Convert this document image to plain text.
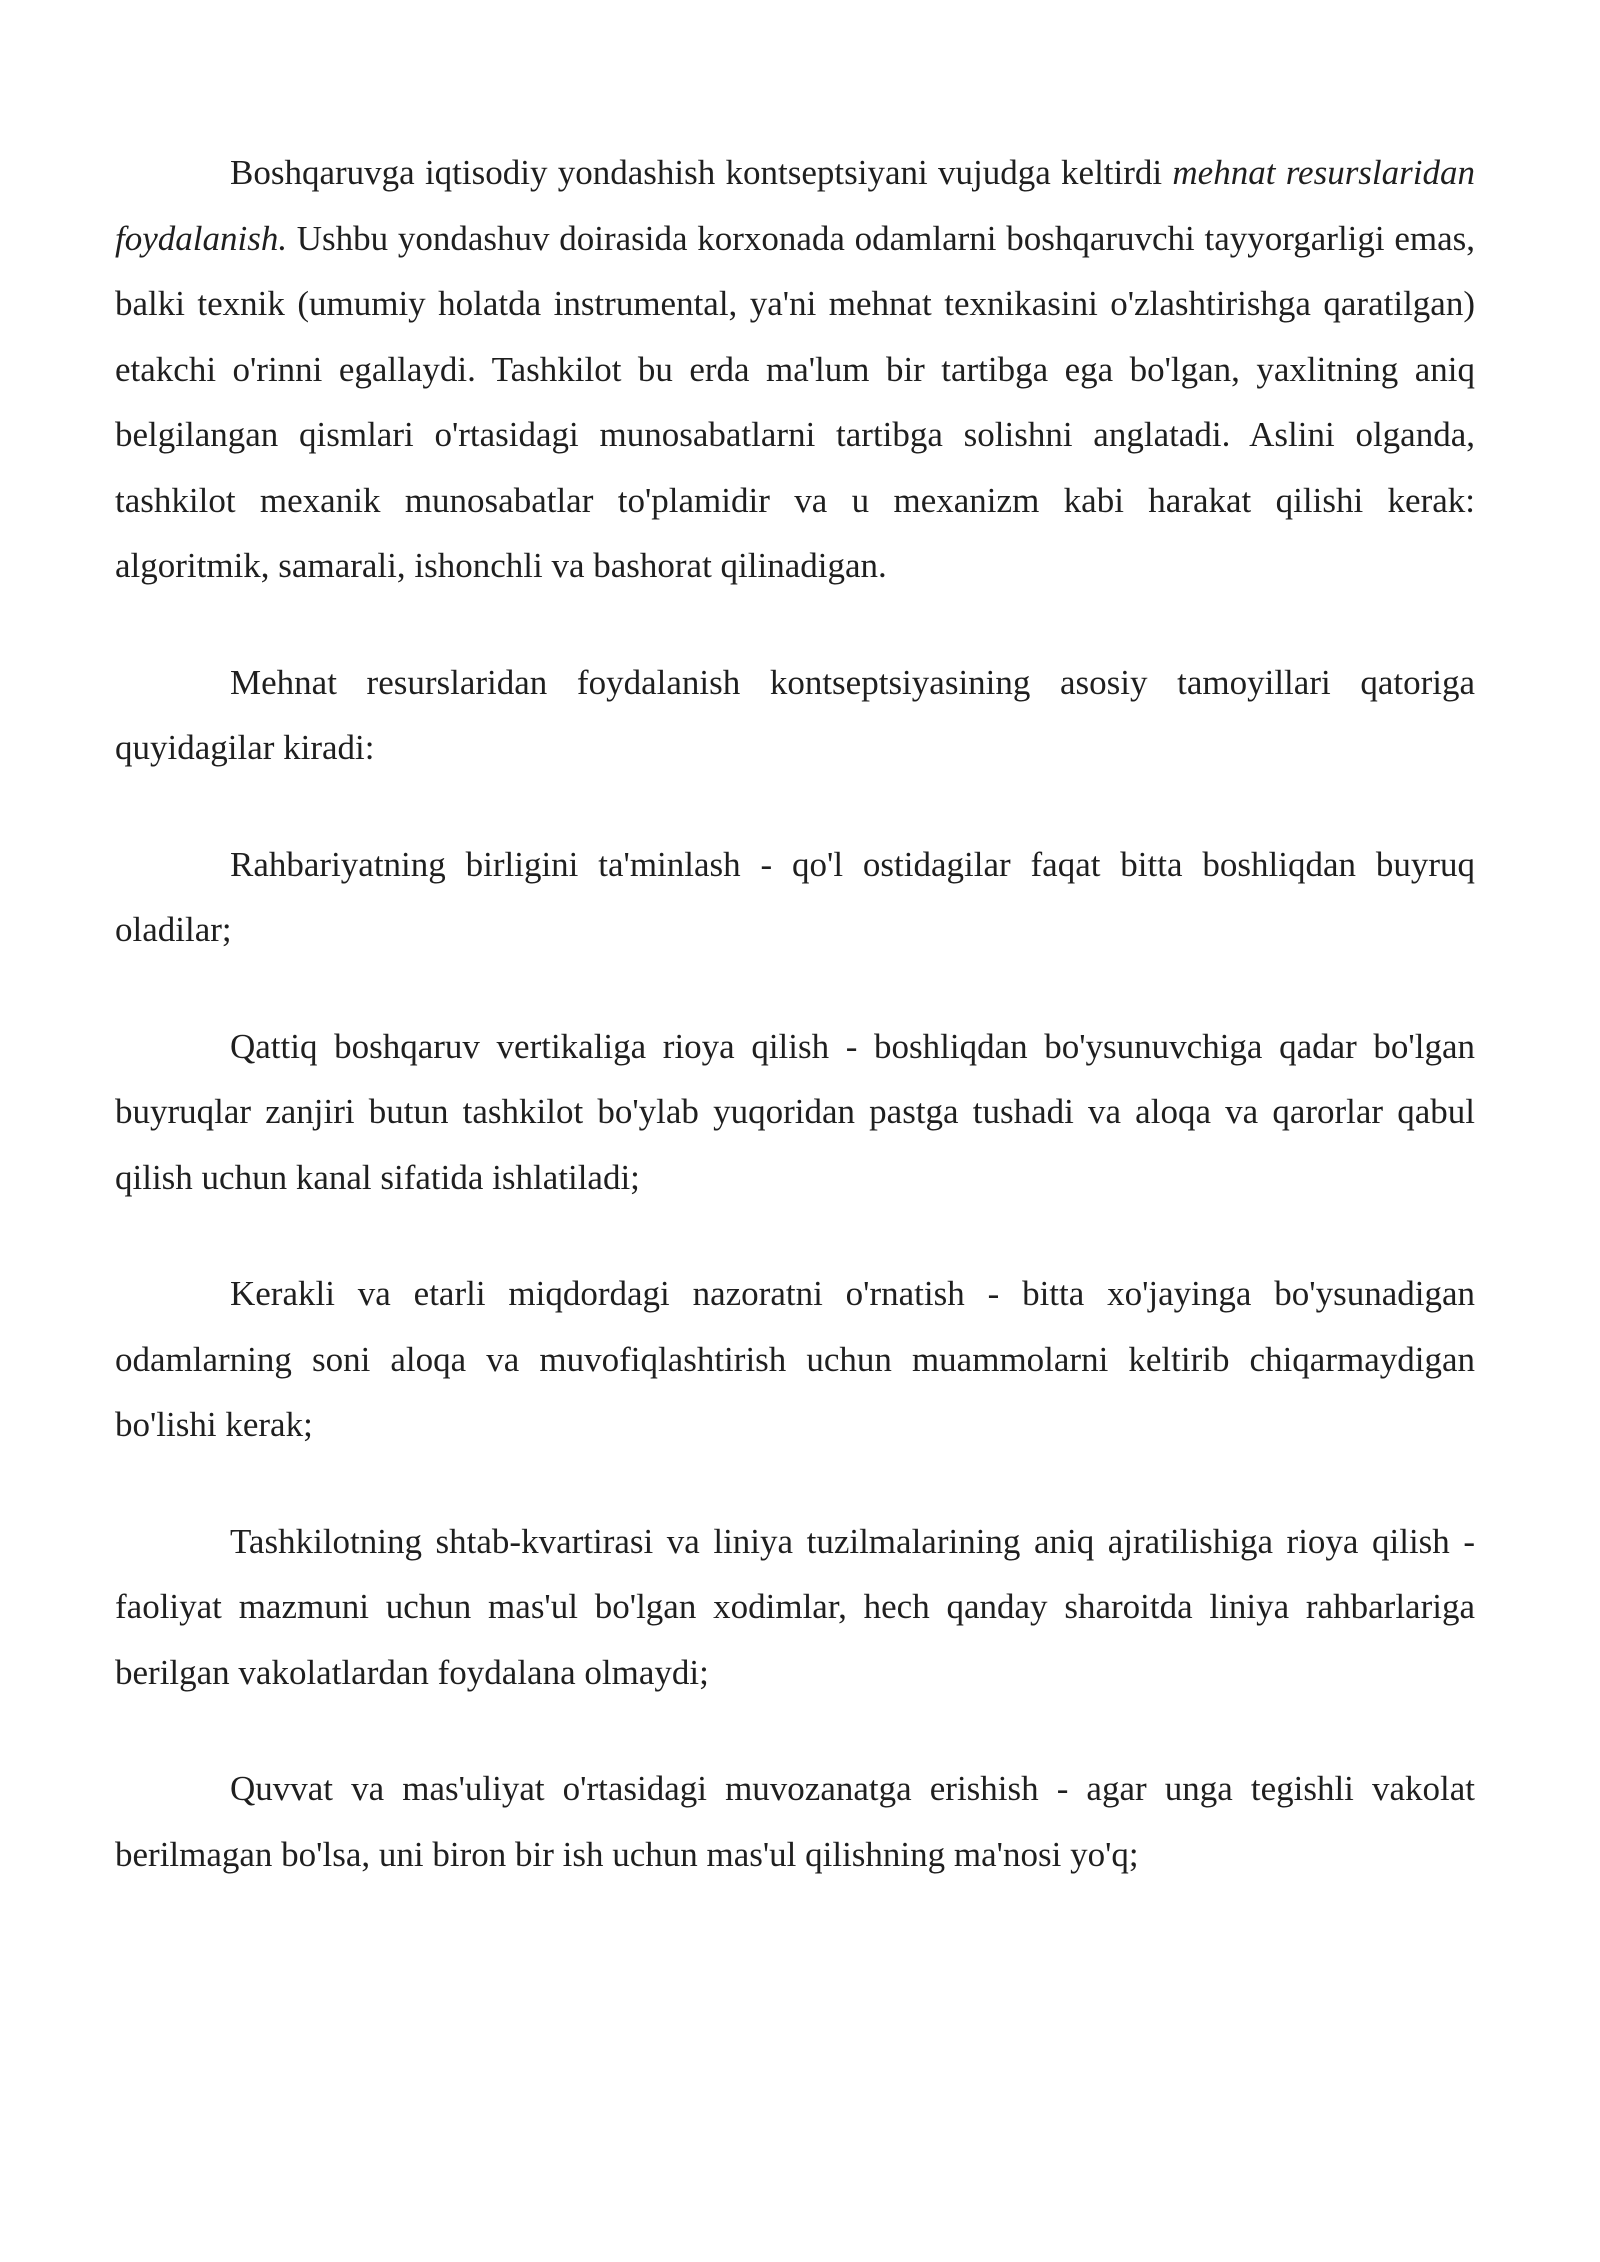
Boshqaruvga iqtisodiy yondashish kontseptsiyani vujudga keltirdi mehnat resurslaridan foydalanish. Ushbu yondashuv doirasida korxonada odamlarni boshqaruvchi tayyorgarligi emas, balki texnik (umumiy holatda instrumental, ya'ni mehnat texnikasini o'zlashtirishga qaratilgan) etakchi o'rinni egallaydi. Tashkilot bu erda ma'lum bir tartibga ega bo'lgan, yaxlitning aniq belgilangan qismlari o'rtasidagi munosabatlarni tartibga solishni anglatadi. Aslini olganda, tashkilot mexanik munosabatlar to'plamidir va u mexanizm kabi harakat qilishi kerak: algoritmik, samarali, ishonchli va bashorat qilinadigan.

Mehnat resurslaridan foydalanish kontseptsiyasining asosiy tamoyillari qatoriga quyidagilar kiradi:

Rahbariyatning birligini ta'minlash - qo'l ostidagilar faqat bitta boshliqdan buyruq oladilar;

Qattiq boshqaruv vertikaliga rioya qilish - boshliqdan bo'ysunuvchiga qadar bo'lgan buyruqlar zanjiri butun tashkilot bo'ylab yuqoridan pastga tushadi va aloqa va qarorlar qabul qilish uchun kanal sifatida ishlatiladi;

Kerakli va etarli miqdordagi nazoratni o'rnatish - bitta xo'jayinga bo'ysunadigan odamlarning soni aloqa va muvofiqlashtirish uchun muammolarni keltirib chiqarmaydigan bo'lishi kerak;

Tashkilotning shtab-kvartirasi va liniya tuzilmalarining aniq ajratilishiga rioya qilish - faoliyat mazmuni uchun mas'ul bo'lgan xodimlar, hech qanday sharoitda liniya rahbarlariga berilgan vakolatlardan foydalana olmaydi;

Quvvat va mas'uliyat o'rtasidagi muvozanatga erishish - agar unga tegishli vakolat berilmagan bo'lsa, uni biron bir ish uchun mas'ul qilishning ma'nosi yo'q;
